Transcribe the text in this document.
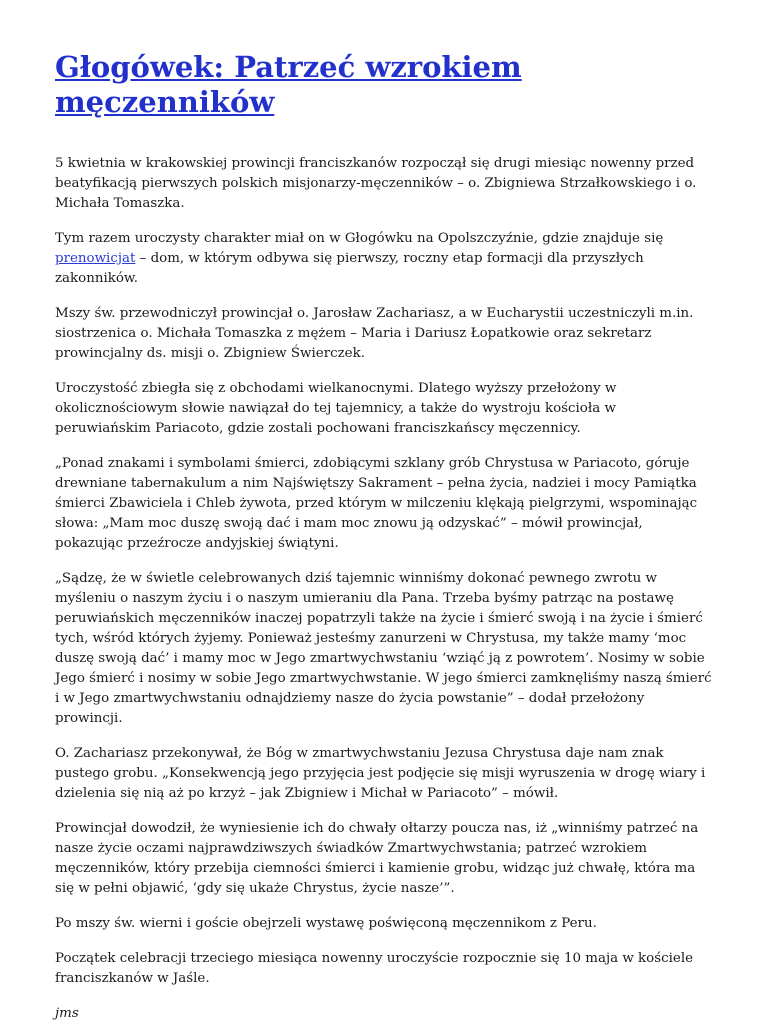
Głogówek: Patrzeć wzrokiem męczenników

5 kwietnia w krakowskiej prowincji franciszkanów rozpoczął się drugi miesiąc nowenny przed beatyfikacją pierwszych polskich misjonarzy-męczenników – o. Zbigniewa Strzałkowskiego i o. Michała Tomaszka.

Tym razem uroczysty charakter miał on w Głogówku na Opolszczyźnie, gdzie znajduje się prenowicjat – dom, w którym odbywa się pierwszy, roczny etap formacji dla przyszłych zakonników.

Mszy św. przewodniczył prowincjał o. Jarosław Zachariasz, a w Eucharystii uczestniczyli m.in. siostrzenica o. Michała Tomaszka z mężem – Maria i Dariusz Łopatkowie oraz sekretarz prowincjalny ds. misji o. Zbigniew Świerczek.

Uroczystość zbiegła się z obchodami wielkanocnymi. Dlatego wyższy przełożony w okolicznościowym słowie nawiązał do tej tajemnicy, a także do wystroju kościoła w peruwiańskim Pariacoto, gdzie zostali pochowani franciszkańscy męczennicy.

„Ponad znakami i symbolami śmierci, zdobiącymi szklany grób Chrystusa w Pariacoto, góruje drewniane tabernakulum a nim Najświętszy Sakrament – pełna życia, nadziei i mocy Pamiątka śmierci Zbawiciela i Chleb żywota, przed którym w milczeniu klękają pielgrzymi, wspominając słowa: „Mam moc duszę swoją dać i mam moc znowu ją odzyskać” – mówił prowincjał, pokazując przeźrocze andyjskiej świątyni.

„Sądzę, że w świetle celebrowanych dziś tajemnic winniśmy dokonać pewnego zwrotu w myśleniu o naszym życiu i o naszym umieraniu dla Pana. Trzeba byśmy patrząc na postawę peruwiańskich męczenników inaczej popatrzyli także na życie i śmierć swoją i na życie i śmierć tych, wśród których żyjemy. Ponieważ jesteśmy zanurzeni w Chrystusa, my także mamy ‘moc duszę swoją dać’ i mamy moc w Jego zmartwychwstaniu ‘wziąć ją z powrotem’. Nosimy w sobie Jego śmierć i nosimy w sobie Jego zmartwychwstanie. W jego śmierci zamknęliśmy naszą śmierć i w Jego zmartwychwstaniu odnajdziemy nasze do życia powstanie” – dodał przełożony prowincji.

O. Zachariasz przekonywał, że Bóg w zmartwychwstaniu Jezusa Chrystusa daje nam znak pustego grobu. „Konsekwencją jego przyjęcia jest podjęcie się misji wyruszenia w drogę wiary i dzielenia się nią aż po krzyż – jak Zbigniew i Michał w Pariacoto” – mówił.

Prowincjał dowodził, że wyniesienie ich do chwały ołtarzy poucza nas, iż „winniśmy patrzeć na nasze życie oczami najprawdziwszych świadków Zmartwychwstania; patrzeć wzrokiem męczenników, który przebija ciemności śmierci i kamienie grobu, widząc już chwałę, która ma się w pełni objawić, ‘gdy się ukaże Chrystus, życie nasze’”.

Po mszy św. wierni i goście obejrzeli wystawę poświęconą męczennikom z Peru.

Początek celebracji trzeciego miesiąca nowenny uroczyście rozpocznie się 10 maja w kościele franciszkanów w Jaśle.

jms
